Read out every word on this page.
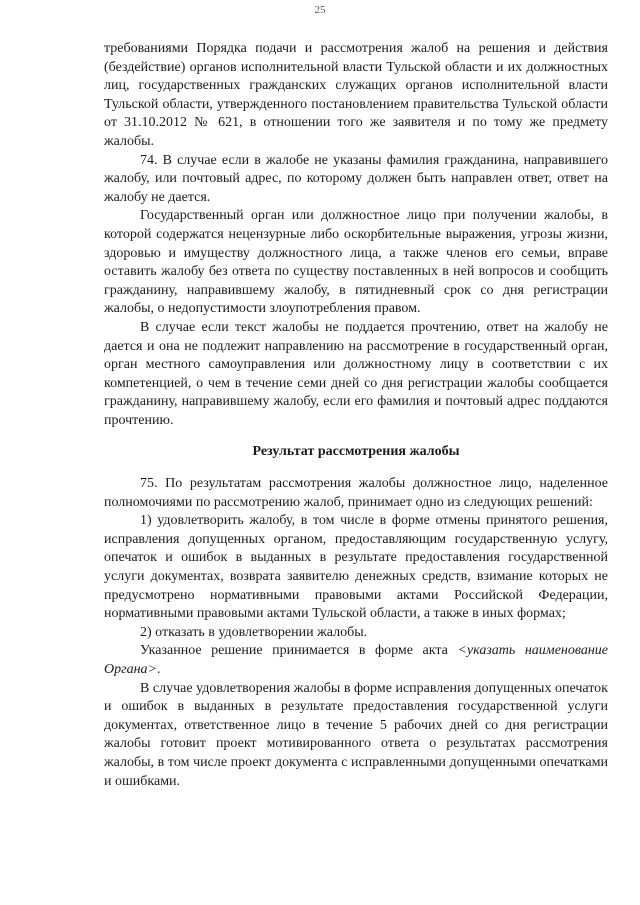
25

требованиями Порядка подачи и рассмотрения жалоб на решения и действия (бездействие) органов исполнительной власти Тульской области и их должностных лиц, государственных гражданских служащих органов исполнительной власти Тульской области, утвержденного постановлением правительства Тульской области от 31.10.2012 № 621, в отношении того же заявителя и по тому же предмету жалобы.

74. В случае если в жалобе не указаны фамилия гражданина, направившего жалобу, или почтовый адрес, по которому должен быть направлен ответ, ответ на жалобу не дается.

Государственный орган или должностное лицо при получении жалобы, в которой содержатся нецензурные либо оскорбительные выражения, угрозы жизни, здоровью и имуществу должностного лица, а также членов его семьи, вправе оставить жалобу без ответа по существу поставленных в ней вопросов и сообщить гражданину, направившему жалобу, в пятидневный срок со дня регистрации жалобы, о недопустимости злоупотребления правом.

В случае если текст жалобы не поддается прочтению, ответ на жалобу не дается и она не подлежит направлению на рассмотрение в государственный орган, орган местного самоуправления или должностному лицу в соответствии с их компетенцией, о чем в течение семи дней со дня регистрации жалобы сообщается гражданину, направившему жалобу, если его фамилия и почтовый адрес поддаются прочтению.

Результат рассмотрения жалобы

75. По результатам рассмотрения жалобы должностное лицо, наделенное полномочиями по рассмотрению жалоб, принимает одно из следующих решений:

1) удовлетворить жалобу, в том числе в форме отмены принятого решения, исправления допущенных органом, предоставляющим государственную услугу, опечаток и ошибок в выданных в результате предоставления государственной услуги документах, возврата заявителю денежных средств, взимание которых не предусмотрено нормативными правовыми актами Российской Федерации, нормативными правовыми актами Тульской области, а также в иных формах;

2) отказать в удовлетворении жалобы.

Указанное решение принимается в форме акта <указать наименование Органа>.

В случае удовлетворения жалобы в форме исправления допущенных опечаток и ошибок в выданных в результате предоставления государственной услуги документах, ответственное лицо в течение 5 рабочих дней со дня регистрации жалобы готовит проект мотивированного ответа о результатах рассмотрения жалобы, в том числе проект документа с исправленными допущенными опечатками и ошибками.
